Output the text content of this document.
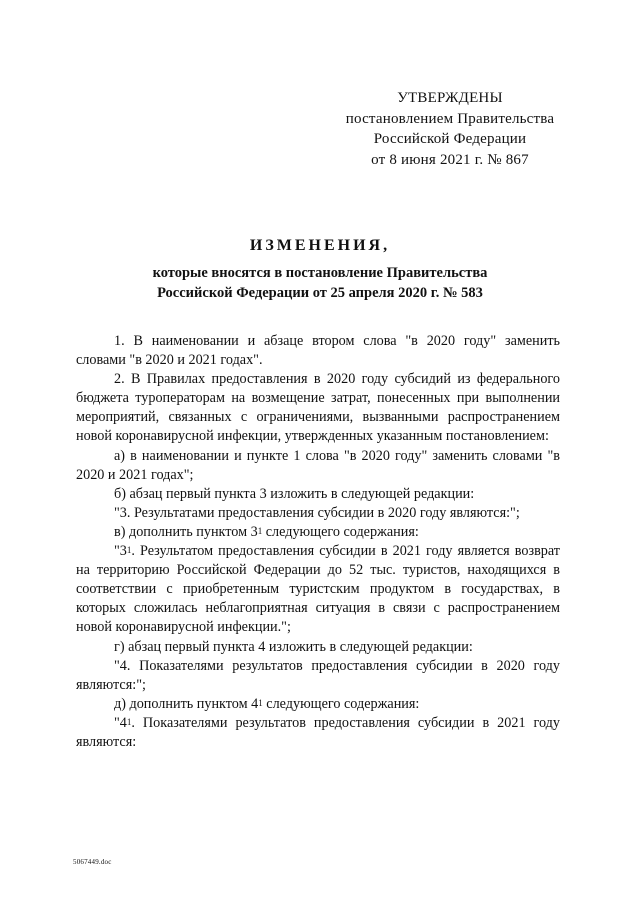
УТВЕРЖДЕНЫ
постановлением Правительства
Российской Федерации
от 8 июня 2021 г. № 867
ИЗМЕНЕНИЯ,
которые вносятся в постановление Правительства
Российской Федерации от 25 апреля 2020 г. № 583

1. В наименовании и абзаце втором слова "в 2020 году" заменить словами "в 2020 и 2021 годах".

2. В Правилах предоставления в 2020 году субсидий из федерального бюджета туроператорам на возмещение затрат, понесенных при выполнении мероприятий, связанных с ограничениями, вызванными распространением новой коронавирусной инфекции, утвержденных указанным постановлением:

а) в наименовании и пункте 1 слова "в 2020 году" заменить словами "в 2020 и 2021 годах";

б) абзац первый пункта 3 изложить в следующей редакции:

"3. Результатами предоставления субсидии в 2020 году являются:";

в) дополнить пунктом $3^1$ следующего содержания:

"$3^1$. Результатом предоставления субсидии в 2021 году является возврат на территорию Российской Федерации до 52 тыс. туристов, находящихся в соответствии с приобретенным туристским продуктом в государствах, в которых сложилась неблагоприятная ситуация в связи с распространением новой коронавирусной инфекции.";

г) абзац первый пункта 4 изложить в следующей редакции:

"4. Показателями результатов предоставления субсидии в 2020 году являются:";

д) дополнить пунктом $4^1$ следующего содержания:

"$4^1$. Показателями результатов предоставления субсидии в 2021 году являются:

5067449.doc
